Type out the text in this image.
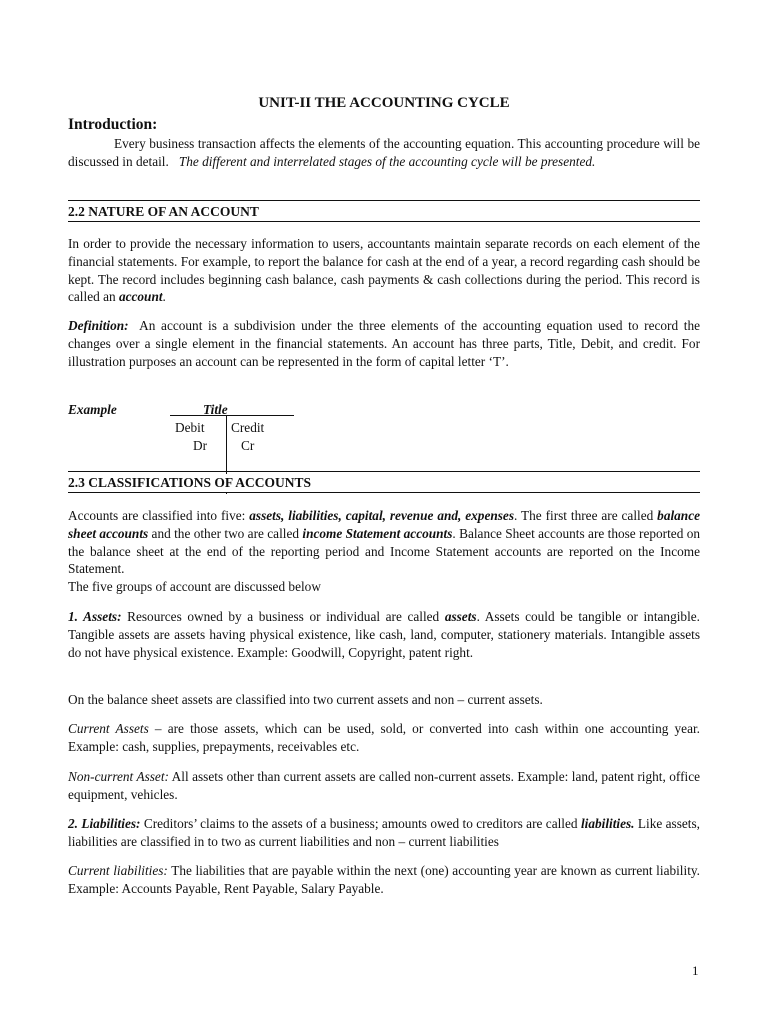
UNIT-II THE ACCOUNTING CYCLE
Introduction:

Every business transaction affects the elements of the accounting equation. This accounting procedure will be discussed in detail. The different and interrelated stages of the accounting cycle will be presented.

2.2 NATURE OF AN ACCOUNT

In order to provide the necessary information to users, accountants maintain separate records on each element of the financial statements. For example, to report the balance for cash at the end of a year, a record regarding cash should be kept. The record includes beginning cash balance, cash payments & cash collections during the period. This record is called an account.

Definition: An account is a subdivision under the three elements of the accounting equation used to record the changes over a single element in the financial statements. An account has three parts, Title, Debit, and credit. For illustration purposes an account can be represented in the form of capital letter ‘T’.

Example	Title
Debit
Dr
Credit
Cr
2.3 CLASSIFICATIONS OF ACCOUNTS

Accounts are classified into five: assets, liabilities, capital, revenue and, expenses. The first three are called balance sheet accounts and the other two are called income Statement accounts. Balance Sheet accounts are those reported on the balance sheet at the end of the reporting period and Income Statement accounts are reported on the Income Statement.

The five groups of account are discussed below

1. Assets: Resources owned by a business or individual are called assets. Assets could be tangible or intangible. Tangible assets are assets having physical existence, like cash, land, computer, stationery materials. Intangible assets do not have physical existence. Example: Goodwill, Copyright, patent right.

On the balance sheet assets are classified into two current assets and non – current assets.

Current Assets – are those assets, which can be used, sold, or converted into cash within one accounting year. Example: cash, supplies, prepayments, receivables etc.

Non-current Asset: All assets other than current assets are called non-current assets. Example: land, patent right, office equipment, vehicles.

2. Liabilities: Creditors’ claims to the assets of a business; amounts owed to creditors are called liabilities. Like assets, liabilities are classified in to two as current liabilities and non – current liabilities

Current liabilities: The liabilities that are payable within the next (one) accounting year are known as current liability. Example: Accounts Payable, Rent Payable, Salary Payable.

1
